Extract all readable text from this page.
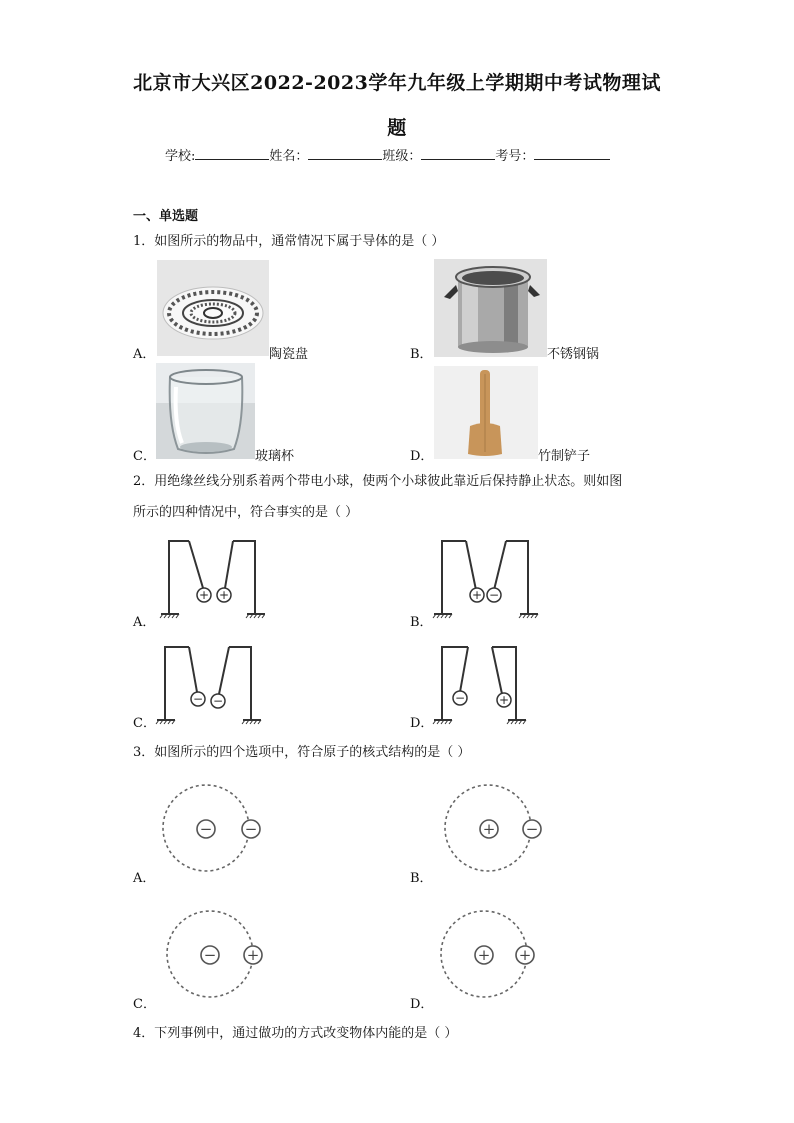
北京市大兴区2022-2023学年九年级上学期期中考试物理试
题
学校:	姓名：	班级：	考号：
一、单选题
1．如图所示的物品中，通常情况下属于导体的是（ ）
A．	陶瓷盘	B．	不锈钢锅
C．	玻璃杯	D．	竹制铲子
2．用绝缘丝线分别系着两个带电小球，使两个小球彼此靠近后保持静止状态。则如图
所示的四种情况中，符合事实的是（ ）
+ +
A．
+ −
B．
− −
C．
−	+
D．
3．如图所示的四个选项中，符合原子的核式结构的是（ ）
− −
A．
+ −
B．
− +
C．
+ +
D．
4．下列事例中，通过做功的方式改变物体内能的是（ ）
